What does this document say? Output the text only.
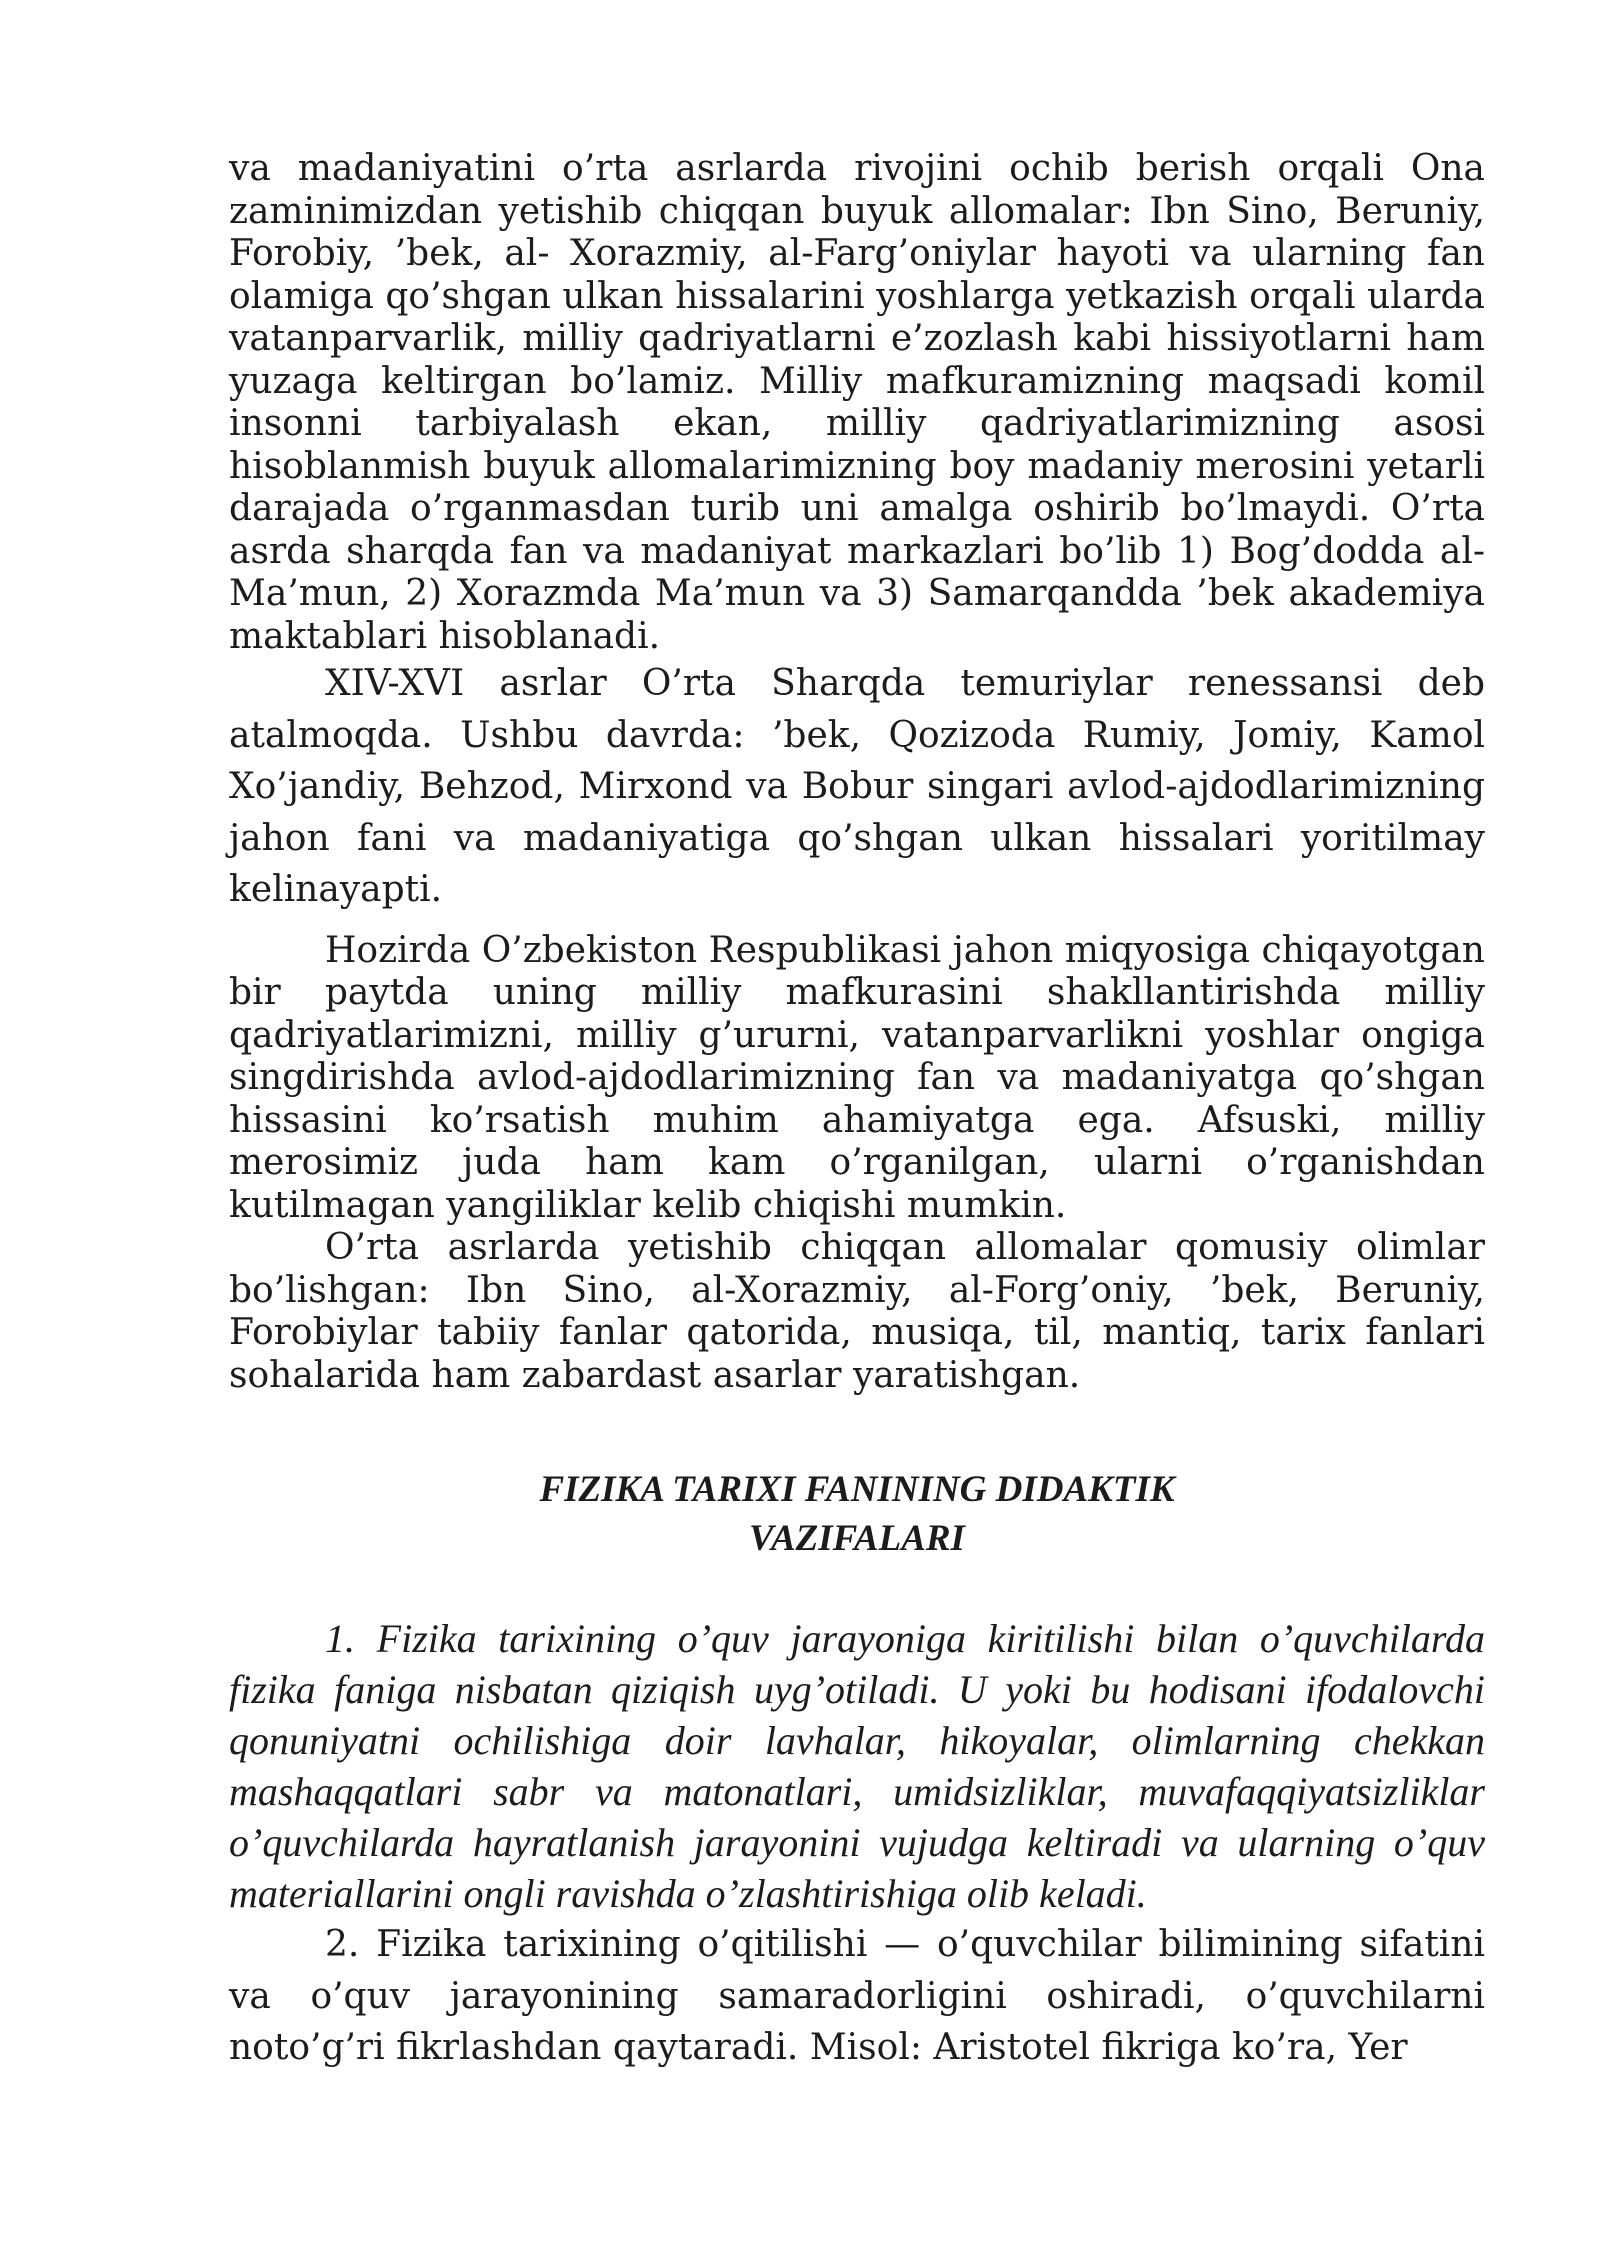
va madaniyatini o’rta asrlarda rivojini ochib berish orqali Ona zaminimizdan yetishib chiqqan buyuk allomalar: Ibn Sino, Beruniy, Forobiy, ’bek, al- Xorazmiy, al-Farg’oniylar hayoti va ularning fan olamiga qo’shgan ulkan hissalarini yoshlarga yetkazish orqali ularda vatanparvarlik, milliy qadriyatlarni e’zozlash kabi hissiyotlarni ham yuzaga keltirgan bo’lamiz. Milliy mafkuramizning maqsadi komil insonni tarbiyalash ekan, milliy qadriyatlarimizning asosi hisoblanmish buyuk allomalarimizning boy madaniy merosini yetarli darajada o’rganmasdan turib uni amalga oshirib bo’lmaydi. O’rta asrda sharqda fan va madaniyat markazlari bo’lib 1) Bog’dodda al-Ma’mun, 2) Xorazmda Ma’mun va 3) Samarqandda ’bek akademiya maktablari hisoblanadi.

XIV-XVI asrlar O’rta Sharqda temuriylar renessansi deb atalmoqda. Ushbu davrda: ’bek, Qozizoda Rumiy, Jomiy, Kamol Xo’jandiy, Behzod, Mirxond va Bobur singari avlod-ajdodlarimizning jahon fani va madaniyatiga qo’shgan ulkan hissalari yoritilmay kelinayapti.

Hozirda O’zbekiston Respublikasi jahon miqyosiga chiqayotgan bir paytda uning milliy mafkurasini shakllantirishda milliy qadriyatlarimizni, milliy g’ururni, vatanparvarlikni yoshlar ongiga singdirishda avlod-ajdodlarimizning fan va madaniyatga qo’shgan hissasini ko’rsatish muhim ahamiyatga ega. Afsuski, milliy merosimiz juda ham kam o’rganilgan, ularni o’rganishdan kutilmagan yangiliklar kelib chiqishi mumkin.

O’rta asrlarda yetishib chiqqan allomalar qomusiy olimlar bo’lishgan: Ibn Sino, al-Xorazmiy, al-Forg’oniy, ’bek, Beruniy, Forobiylar tabiiy fanlar qatorida, musiqa, til, mantiq, tarix fanlari sohalarida ham zabardast asarlar yaratishgan.

FIZIKA TARIXI FANINING DIDAKTIK
VAZIFALARI

1. Fizika tarixining o’quv jarayoniga kiritilishi bilan o’quvchilarda fizika faniga nisbatan qiziqish uyg’otiladi. U yoki bu hodisani ifodalovchi qonuniyatni ochilishiga doir lavhalar, hikoyalar, olimlarning chekkan mashaqqatlari sabr va matonatlari, umidsizliklar, muvafaqqiyatsizliklar o’quvchilarda hayratlanish jarayonini vujudga keltiradi va ularning o’quv materiallarini ongli ravishda o’zlashtirishiga olib keladi.

2. Fizika tarixining o’qitilishi — o’quvchilar bilimining sifatini va o’quv jarayonining samaradorligini oshiradi, o’quvchilarni noto’g’ri fikrlashdan qaytaradi. Misol: Aristotel fikriga ko’ra, Yer
